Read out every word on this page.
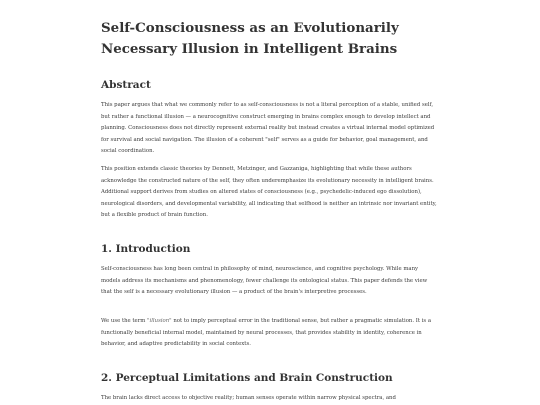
Self-Consciousness as an Evolutionarily Necessary Illusion in Intelligent Brains
Abstract

This paper argues that what we commonly refer to as self-consciousness is not a literal perception of a stable, unified self, but rather a functional illusion — a neurocognitive construct emerging in brains complex enough to develop intellect and planning. Consciousness does not directly represent external reality but instead creates a virtual internal model optimized for survival and social navigation. The illusion of a coherent "self" serves as a guide for behavior, goal management, and social coordination.

This position extends classic theories by Dennett, Metzinger, and Gazzaniga, highlighting that while these authors acknowledge the constructed nature of the self, they often underemphasize its evolutionary necessity in intelligent brains. Additional support derives from studies on altered states of consciousness (e.g., psychedelic-induced ego dissolution), neurological disorders, and developmental variability, all indicating that selfhood is neither an intrinsic nor invariant entity, but a flexible product of brain function.

1. Introduction

Self-consciousness has long been central in philosophy of mind, neuroscience, and cognitive psychology. While many models address its mechanisms and phenomenology, fewer challenge its ontological status. This paper defends the view that the self is a necessary evolutionary illusion — a product of the brain's interpretive processes.

We use the term "illusion" not to imply perceptual error in the traditional sense, but rather a pragmatic simulation. It is a functionally beneficial internal model, maintained by neural processes, that provides stability in identity, coherence in behavior, and adaptive predictability in social contexts.

2. Perceptual Limitations and Brain Construction

The brain lacks direct access to objective reality; human senses operate within narrow physical spectra, and
